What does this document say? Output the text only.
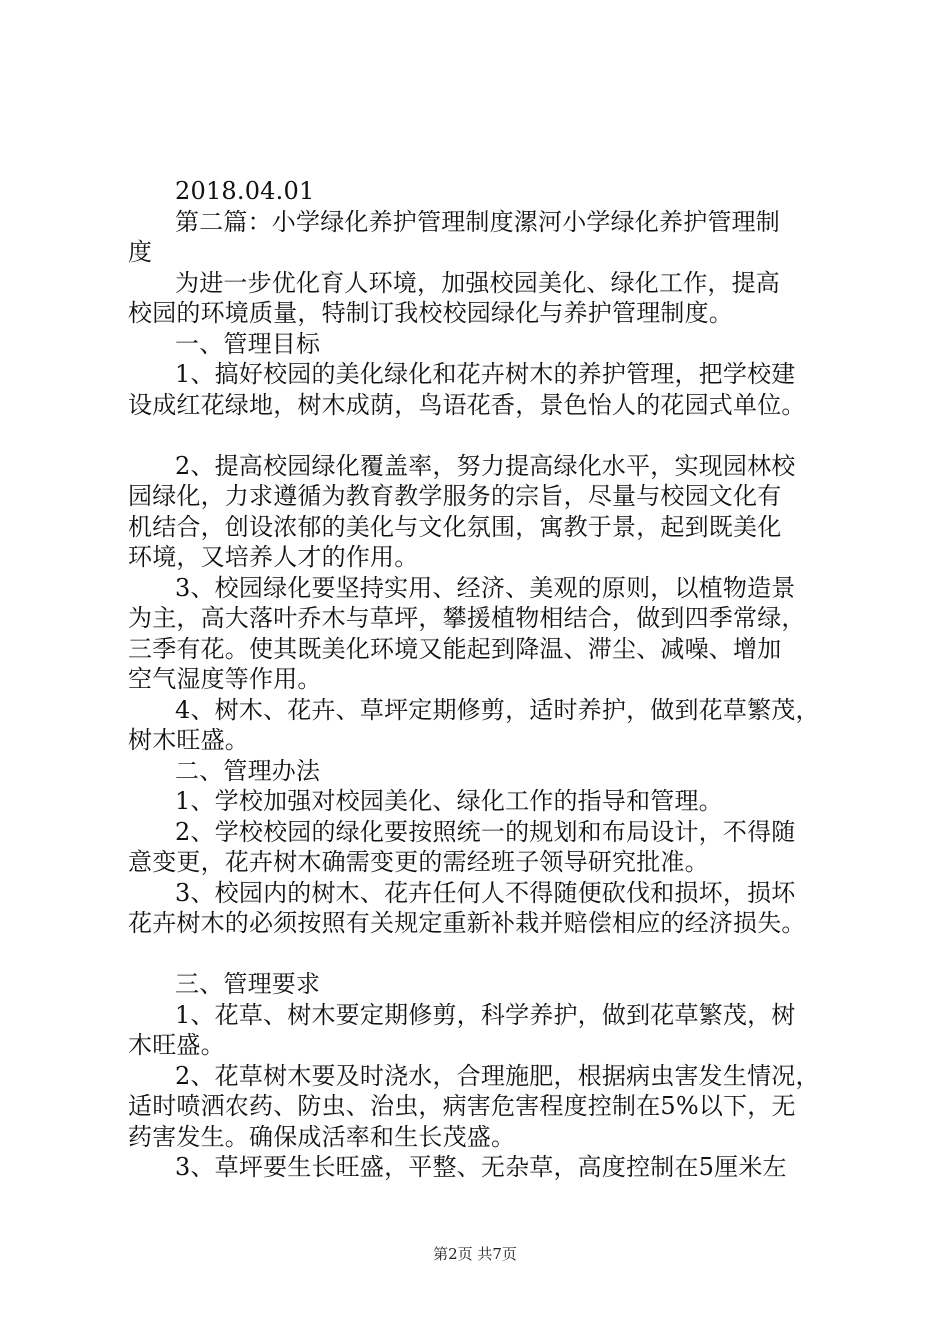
2018.04.01
第二篇：小学绿化养护管理制度漯河小学绿化养护管理制
度
为进一步优化育人环境，加强校园美化、绿化工作，提高
校园的环境质量，特制订我校校园绿化与养护管理制度。
一、管理目标
1、搞好校园的美化绿化和花卉树木的养护管理，把学校建
设成红花绿地，树木成荫，鸟语花香，景色怡人的花园式单位。
2、提高校园绿化覆盖率，努力提高绿化水平，实现园林校
园绿化，力求遵循为教育教学服务的宗旨，尽量与校园文化有
机结合，创设浓郁的美化与文化氛围，寓教于景，起到既美化
环境，又培养人才的作用。
3、校园绿化要坚持实用、经济、美观的原则，以植物造景
为主，高大落叶乔木与草坪，攀援植物相结合，做到四季常绿，
三季有花。使其既美化环境又能起到降温、滞尘、减噪、增加
空气湿度等作用。
4、树木、花卉、草坪定期修剪，适时养护，做到花草繁茂，
树木旺盛。
二、管理办法
1、学校加强对校园美化、绿化工作的指导和管理。
2、学校校园的绿化要按照统一的规划和布局设计，不得随
意变更，花卉树木确需变更的需经班子领导研究批准。
3、校园内的树木、花卉任何人不得随便砍伐和损坏，损坏
花卉树木的必须按照有关规定重新补栽并赔偿相应的经济损失。
三、管理要求
1、花草、树木要定期修剪，科学养护，做到花草繁茂，树
木旺盛。
2、花草树木要及时浇水，合理施肥，根据病虫害发生情况，
适时喷洒农药、防虫、治虫，病害危害程度控制在5%以下，无
药害发生。确保成活率和生长茂盛。
3、草坪要生长旺盛，平整、无杂草，高度控制在5厘米左
第2页 共7页
